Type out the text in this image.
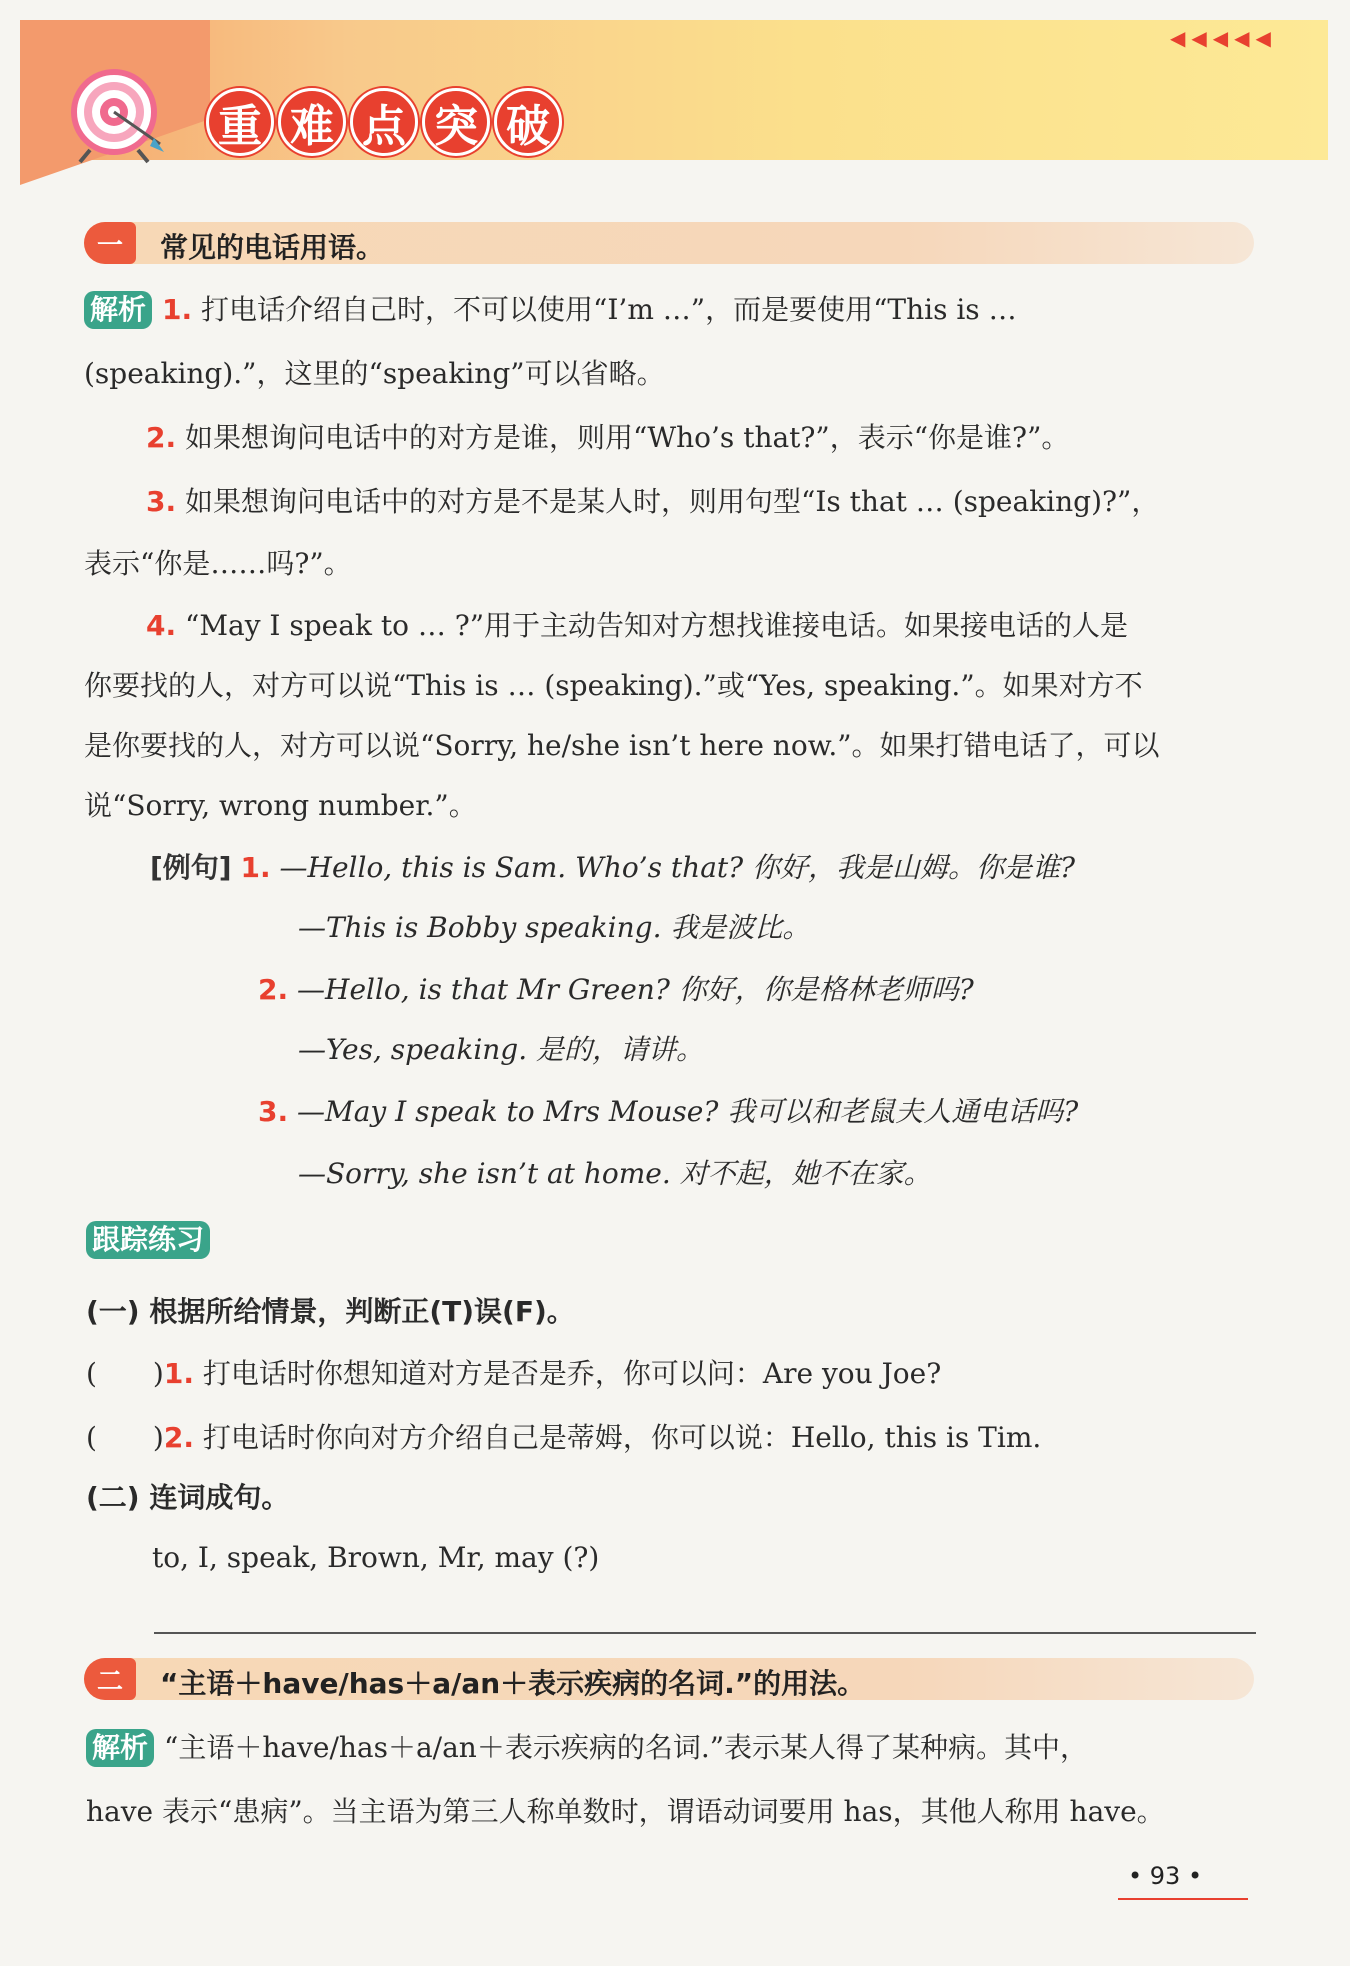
重 难 点 突 破
◀◀◀◀◀
一	常见的电话用语。
解析 1. 打电话介绍自己时，不可以使用“I’m …”，而是要使用“This is …
(speaking).”，这里的“speaking”可以省略。
2. 如果想询问电话中的对方是谁，则用“Who’s that?”，表示“你是谁?”。
3. 如果想询问电话中的对方是不是某人时，则用句型“Is that … (speaking)?”，
表示“你是……吗?”。
4. “May I speak to … ?”用于主动告知对方想找谁接电话。如果接电话的人是
你要找的人，对方可以说“This is … (speaking).”或“Yes, speaking.”。如果对方不
是你要找的人，对方可以说“Sorry, he/she isn’t here now.”。如果打错电话了，可以
说“Sorry, wrong number.”。
[例句] 1. —Hello, this is Sam. Who’s that? 你好，我是山姆。你是谁?
—This is Bobby speaking. 我是波比。
2. —Hello, is that Mr Green? 你好，你是格林老师吗?
—Yes, speaking. 是的，请讲。
3. —May I speak to Mrs Mouse? 我可以和老鼠夫人通电话吗?
—Sorry, she isn’t at home. 对不起，她不在家。
跟踪练习
(一) 根据所给情景，判断正(T)误(F)。
(　　)1. 打电话时你想知道对方是否是乔，你可以问：Are you Joe?
(　　)2. 打电话时你向对方介绍自己是蒂姆，你可以说：Hello, this is Tim.
(二) 连词成句。
to, I, speak, Brown, Mr, may (?)
二	“主语＋have/has＋a/an＋表示疾病的名词.”的用法。
解析 “主语＋have/has＋a/an＋表示疾病的名词.”表示某人得了某种病。其中，
have 表示“患病”。当主语为第三人称单数时，谓语动词要用 has，其他人称用 have。
• 93 •
